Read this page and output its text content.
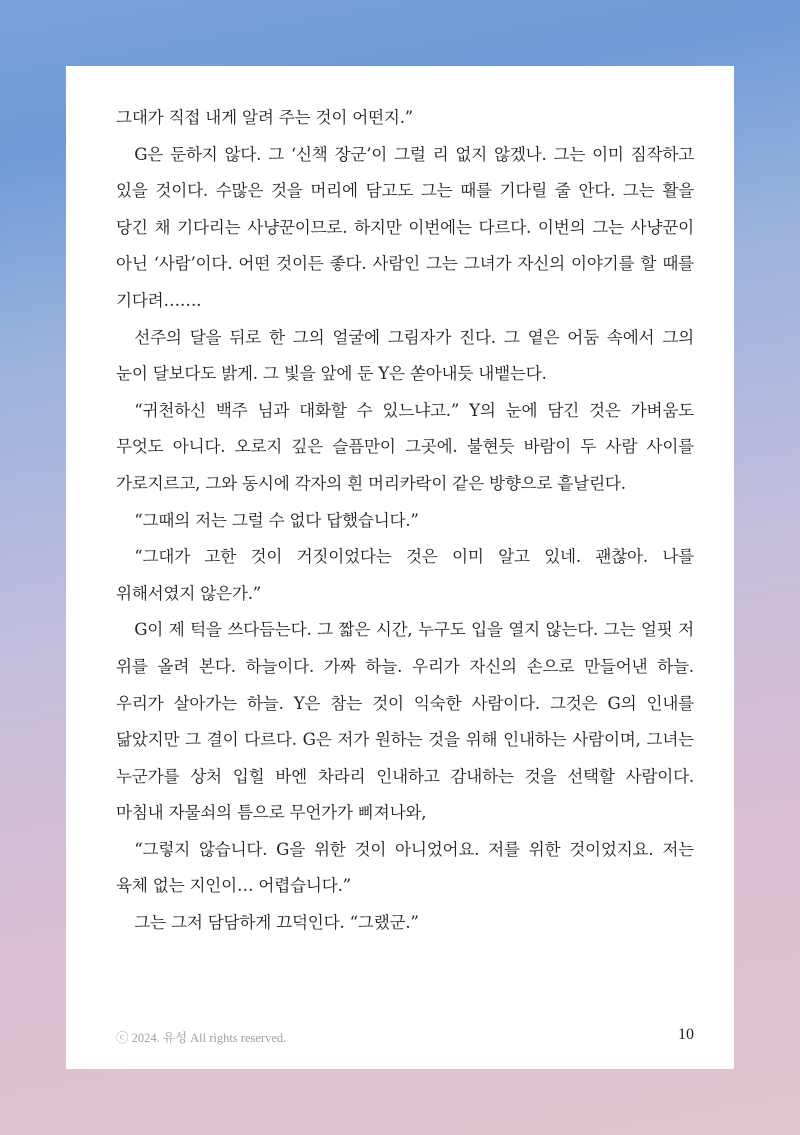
그대가 직접 내게 알려 주는 것이 어떤지.”

G은 둔하지 않다. 그 ‘신책 장군’이 그럴 리 없지 않겠나. 그는 이미 짐작하고 있을 것이다. 수많은 것을 머리에 담고도 그는 때를 기다릴 줄 안다. 그는 활을 당긴 채 기다리는 사냥꾼이므로. 하지만 이번에는 다르다. 이번의 그는 사냥꾼이 아닌 ‘사람’이다. 어떤 것이든 좋다. 사람인 그는 그녀가 자신의 이야기를 할 때를 기다려…….

선주의 달을 뒤로 한 그의 얼굴에 그림자가 진다. 그 옅은 어둠 속에서 그의 눈이 달보다도 밝게. 그 빛을 앞에 둔 Y은 쏟아내듯 내뱉는다.

“귀천하신 백주 님과 대화할 수 있느냐고.” Y의 눈에 담긴 것은 가벼움도 무엇도 아니다. 오로지 깊은 슬픔만이 그곳에. 불현듯 바람이 두 사람 사이를 가로지르고, 그와 동시에 각자의 흰 머리카락이 같은 방향으로 흩날린다.

“그때의 저는 그럴 수 없다 답했습니다.”

“그대가 고한 것이 거짓이었다는 것은 이미 알고 있네. 괜찮아. 나를 위해서였지 않은가.”

G이 제 턱을 쓰다듬는다. 그 짧은 시간, 누구도 입을 열지 않는다. 그는 얼핏 저 위를 올려 본다. 하늘이다. 가짜 하늘. 우리가 자신의 손으로 만들어낸 하늘. 우리가 살아가는 하늘. Y은 참는 것이 익숙한 사람이다. 그것은 G의 인내를 닮았지만 그 결이 다르다. G은 저가 원하는 것을 위해 인내하는 사람이며, 그녀는 누군가를 상처 입힐 바엔 차라리 인내하고 감내하는 것을 선택할 사람이다. 마침내 자물쇠의 틈으로 무언가가 삐져나와,

“그렇지 않습니다. G을 위한 것이 아니었어요. 저를 위한 것이었지요. 저는 육체 없는 지인이… 어렵습니다.”

그는 그저 담담하게 끄덕인다. “그랬군.”

ⓒ 2024. 유성 All rights reserved.	10
